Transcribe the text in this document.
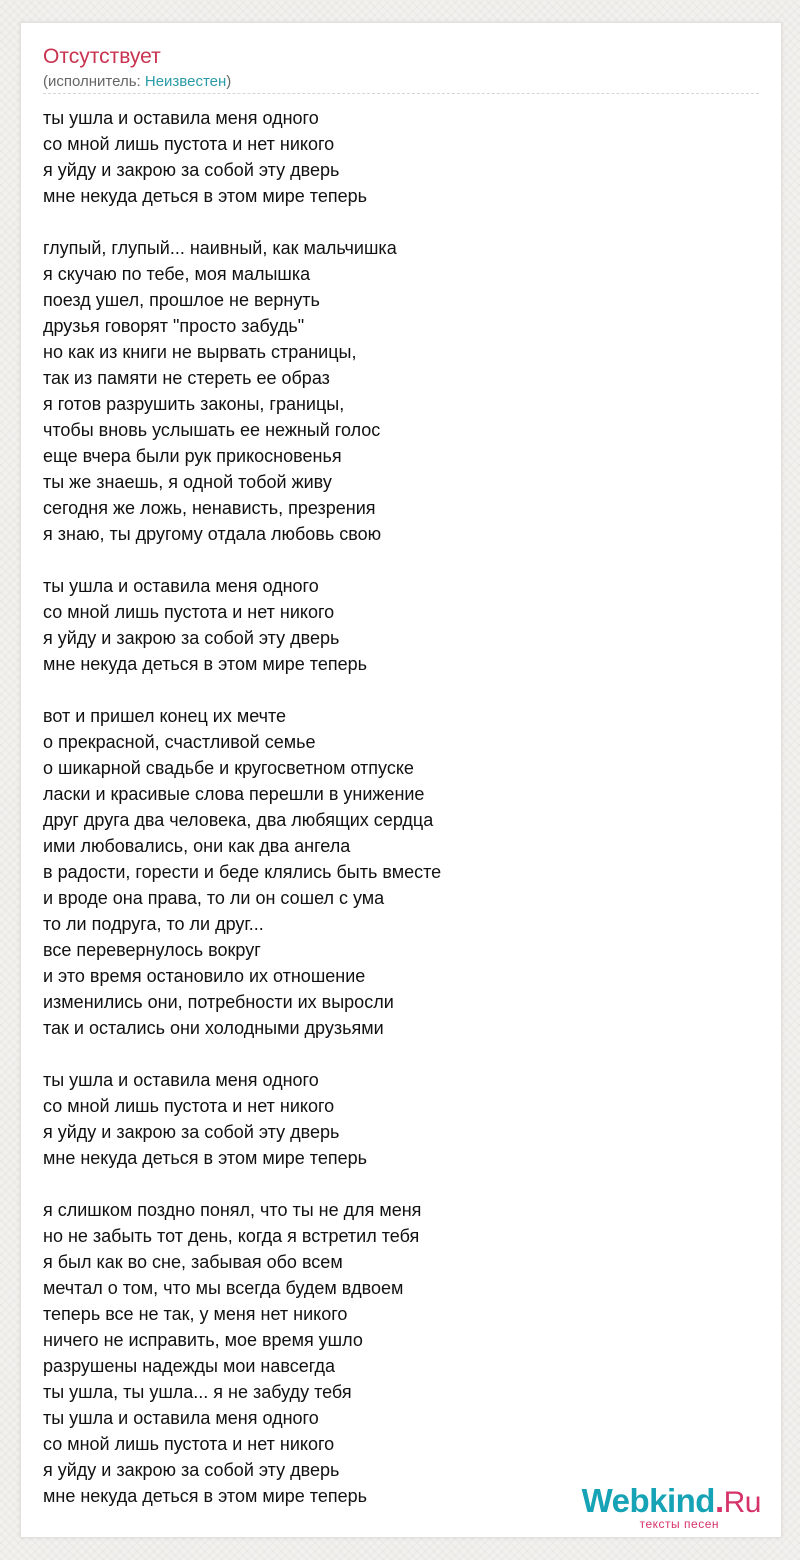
Отсутствует
(исполнитель: Неизвестен)
ты ушла и оставила меня одного
со мной лишь пустота и нет никого
я уйду и закрою за собой эту дверь
мне некуда деться в этом мире теперь
глупый, глупый... наивный, как мальчишка
я скучаю по тебе, моя малышка
поезд ушел, прошлое не вернуть
друзья говорят "просто забудь"
но как из книги не вырвать страницы,
так из памяти не стереть ее образ
я готов разрушить законы, границы,
чтобы вновь услышать ее нежный голос
еще вчера были рук прикосновенья
ты же знаешь, я одной тобой живу
сегодня же ложь, ненависть, презрения
я знаю, ты другому отдала любовь свою
ты ушла и оставила меня одного
со мной лишь пустота и нет никого
я уйду и закрою за собой эту дверь
мне некуда деться в этом мире теперь
вот и пришел конец их мечте
о прекрасной, счастливой семье
о шикарной свадьбе и кругосветном отпуске
ласки и красивые слова перешли в унижение
друг друга два человека, два любящих сердца
ими любовались, они как два ангела
в радости, горести и беде клялись быть вместе
и вроде она права, то ли он сошел с ума
то ли подруга, то ли друг...
все перевернулось вокруг
и это время остановило их отношение
изменились они, потребности их выросли
так и остались они холодными друзьями
ты ушла и оставила меня одного
со мной лишь пустота и нет никого
я уйду и закрою за собой эту дверь
мне некуда деться в этом мире теперь
я слишком поздно понял, что ты не для меня
но не забыть тот день, когда я встретил тебя
я был как во сне, забывая обо всем
мечтал о том, что мы всегда будем вдвоем
теперь все не так, у меня нет никого
ничего не исправить, мое время ушло
разрушены надежды мои навсегда
ты ушла, ты ушла... я не забуду тебя
ты ушла и оставила меня одного
со мной лишь пустота и нет никого
я уйду и закрою за собой эту дверь
мне некуда деться в этом мире теперь	Webkind.Ru
тексты песен
